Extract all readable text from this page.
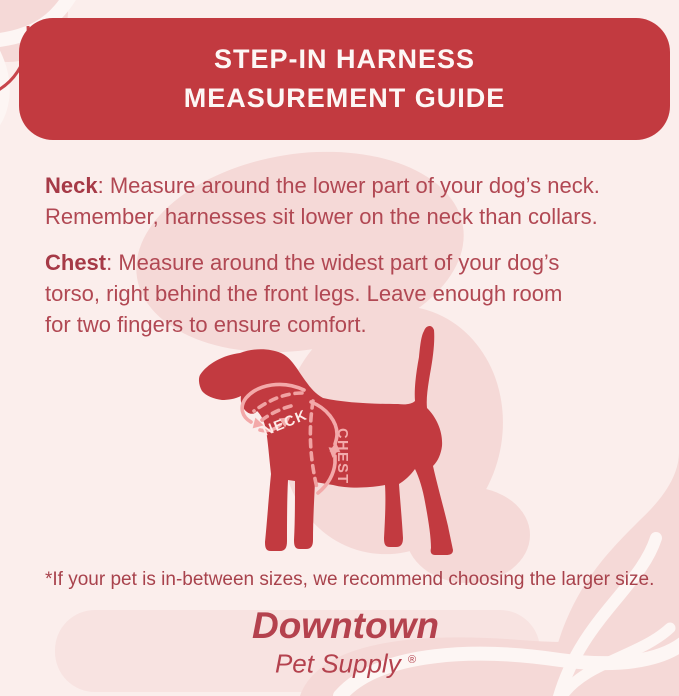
STEP-IN HARNESS
MEASUREMENT GUIDE

Neck: Measure around the lower part of your dog’s neck.
Remember, harnesses sit lower on the neck than collars.

Chest: Measure around the widest part of your dog’s
torso, right behind the front legs. Leave enough room
for two fingers to ensure comfort.

NECK
CHEST
*If your pet is in-between sizes, we recommend choosing the larger size.
Downtown
Pet Supply ®
